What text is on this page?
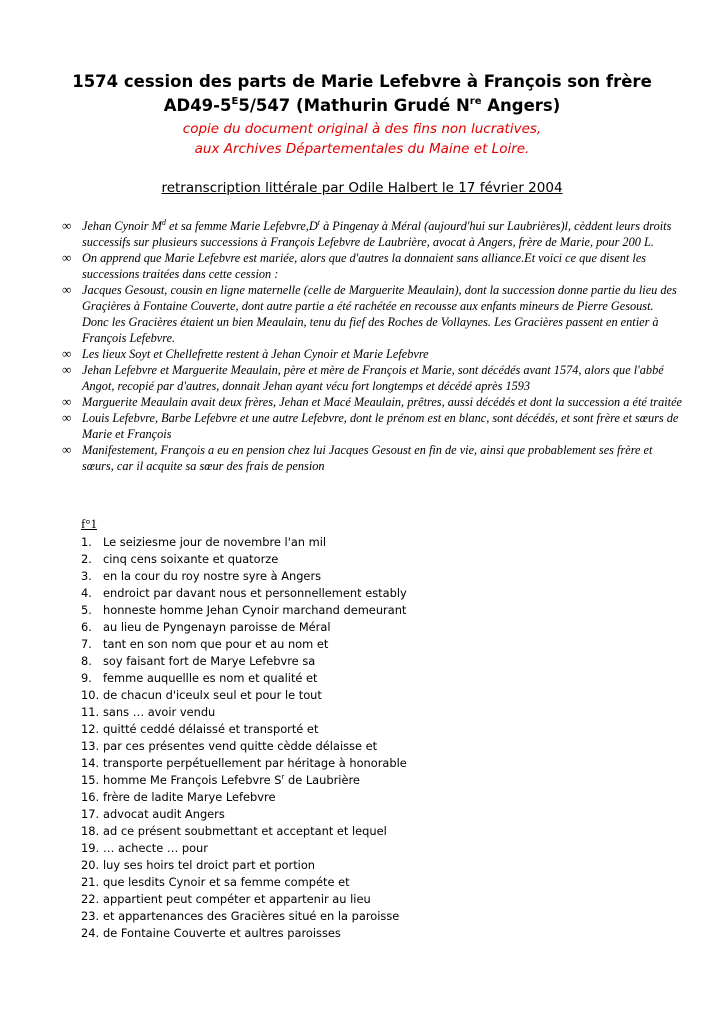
1574 cession des parts de Marie Lefebvre à François son frère
$AD49-5^E5/547$ (Mathurin Grudé $N^{re}$ Angers)
copie du document original à des fins non lucratives,
aux Archives Départementales du Maine et Loire.
retranscription littérale par Odile Halbert le 17 février 2004
∞ Jehan Cynoir $M^d$ et sa femme Marie $Lefebvre,D^t$ à Pingenay à Méral (aujourd'hui sur Laubrières)l, cèddent leurs droits successifs sur plusieurs successions à François Lefebvre de Laubrière, avocat à Angers, frère de Marie, pour 200 L.
∞ On apprend que Marie Lefebvre est mariée, alors que d'autres la donnaient sans alliance.Et voici ce que disent les successions traitées dans cette cession :
∞ Jacques Gesoust, cousin en ligne maternelle (celle de Marguerite Meaulain), dont la succession donne partie du lieu des Graçières à Fontaine Couverte, dont autre partie a été rachétée en recousse aux enfants mineurs de Pierre Gesoust. Donc les Gracières étaient un bien Meaulain, tenu du fief des Roches de Vollaynes. Les Gracières passent en entier à François Lefebvre.
∞ Les lieux Soyt et Chellefrette restent à Jehan Cynoir et Marie Lefebvre
∞ Jehan Lefebvre et Marguerite Meaulain, père et mère de François et Marie, sont décédés avant 1574, alors que l'abbé Angot, recopié par d'autres, donnait Jehan ayant vécu fort longtemps et décédé après 1593
∞ Marguerite Meaulain avait deux frères, Jehan et Macé Meaulain, prêtres, aussi décédés et dont la succession a été traitée
∞ Louis Lefebvre, Barbe Lefebvre et une autre Lefebvre, dont le prénom est en blanc, sont décédés, et sont frère et sœurs de Marie et François
∞ Manifestement, François a eu en pension chez lui Jacques Gesoust en fin de vie, ainsi que probablement ses frère et sœurs, car il acquite sa sœur des frais de pension
f°1
1. Le seiziesme jour de novembre l'an mil
2. cinq cens soixante et quatorze
3. en la cour du roy nostre syre à Angers
4. endroict par davant nous et personnellement estably
5. honneste homme Jehan Cynoir marchand demeurant
6. au lieu de Pyngenayn paroisse de Méral
7. tant en son nom que pour et au nom et
8. soy faisant fort de Marye Lefebvre sa
9. femme auquellle es nom et qualité et
10. de chacun d'iceulx seul et pour le tout
11. sans … avoir vendu
12. quitté ceddé délaissé et transporté et
13. par ces présentes vend quitte cèdde délaisse et
14. transporte perpétuellement par héritage à honorable
15. homme Me François Lefebvre $S^r$ de Laubrière
16. frère de ladite Marye Lefebvre
17. advocat audit Angers
18. ad ce présent soubmettant et acceptant et lequel
19. … achecte … pour
20. luy ses hoirs tel droict part et portion
21. que lesdits Cynoir et sa femme compéte et
22. appartient peut compéter et appartenir au lieu
23. et appartenances des Gracières situé en la paroisse
24. de Fontaine Couverte et aultres paroisses
